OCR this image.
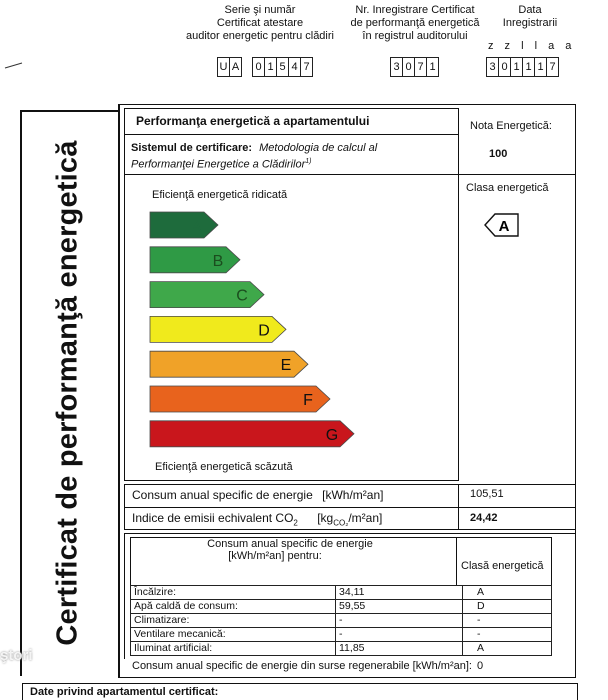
Serie şi număr
Certificat atestare
auditor energetic pentru clădiri
U A	0 1 5 4 7
Nr. Inregistrare Certificat
de performanţă energetică
în registrul auditorului
3 0 7 1
Data
Inregistrarii
z z l l a a
3 0 1 1 1 7
Certificat de performanţă energetică
Performanţa energetică a apartamentului
Sistemul de certificare: Metodologia de calcul al
Performanţei Energetice a Clădirilor$^{1)}$
Eficienţă energetică ridicată
A
B
C
D
E
F
G
Eficienţă energetică scăzută
Nota Energetică:
100
Clasa energetică
A
Consum anual specific de energie [kWh/m²an]	105,51
Indice de emisii echivalent $CO_2$ $[kg_{CO_2}/m^2an]$	24,42
Consum anual specific de energie
[kWh/m²an] pentru:
Clasă energetică
Încălzire:	34,11	A
Apă caldă de consum:	59,55	D
Climatizare:	-	-
Ventilare mecanică:	-	-
Iluminat artificial:	11,85	A
Consum anual specific de energie din surse regenerabile [kWh/m²an]: 0
Date privind apartamentul certificat:
ştori
